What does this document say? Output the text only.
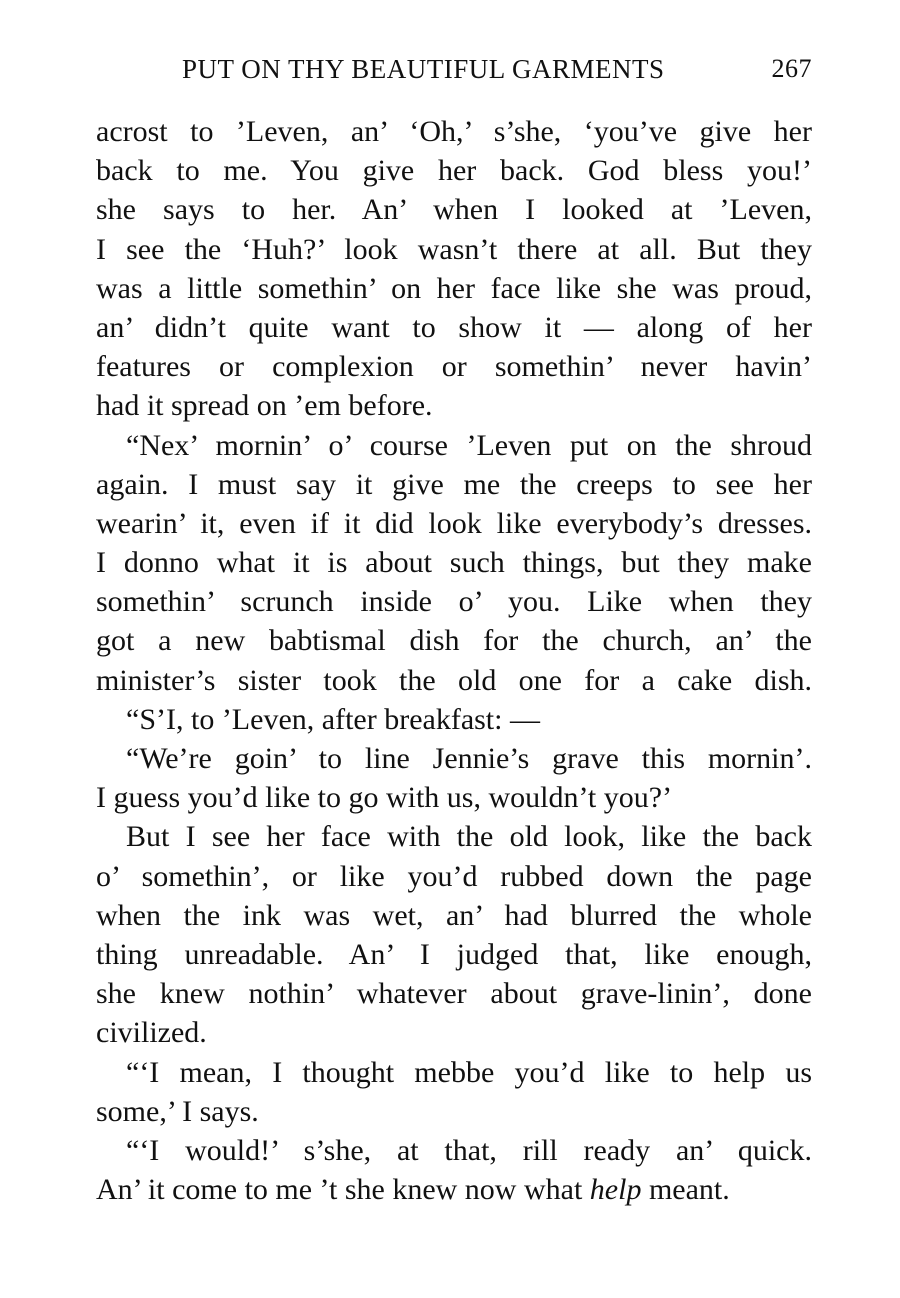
PUT ON THY BEAUTIFUL GARMENTS	267
acrost to ’Leven, an’ ‘Oh,’ s’she, ‘you’ve give her
back to me. You give her back. God bless you!’
she says to her. An’ when I looked at ’Leven,
I see the ‘Huh?’ look wasn’t there at all. But they
was a little somethin’ on her face like she was proud,
an’ didn’t quite want to show it — along of her
features or complexion or somethin’ never havin’
had it spread on ’em before.
“Nex’ mornin’ o’ course ’Leven put on the shroud
again. I must say it give me the creeps to see her
wearin’ it, even if it did look like everybody’s dresses.
I donno what it is about such things, but they make
somethin’ scrunch inside o’ you. Like when they
got a new babtismal dish for the church, an’ the
minister’s sister took the old one for a cake dish.
“S’I, to ’Leven, after breakfast: —
“We’re goin’ to line Jennie’s grave this mornin’.
I guess you’d like to go with us, wouldn’t you?’
But I see her face with the old look, like the back
o’ somethin’, or like you’d rubbed down the page
when the ink was wet, an’ had blurred the whole
thing unreadable. An’ I judged that, like enough,
she knew nothin’ whatever about grave-linin’, done
civilized.
“‘I mean, I thought mebbe you’d like to help us
some,’ I says.
“‘I would!’ s’she, at that, rill ready an’ quick.
An’ it come to me ’t she knew now what help meant.
